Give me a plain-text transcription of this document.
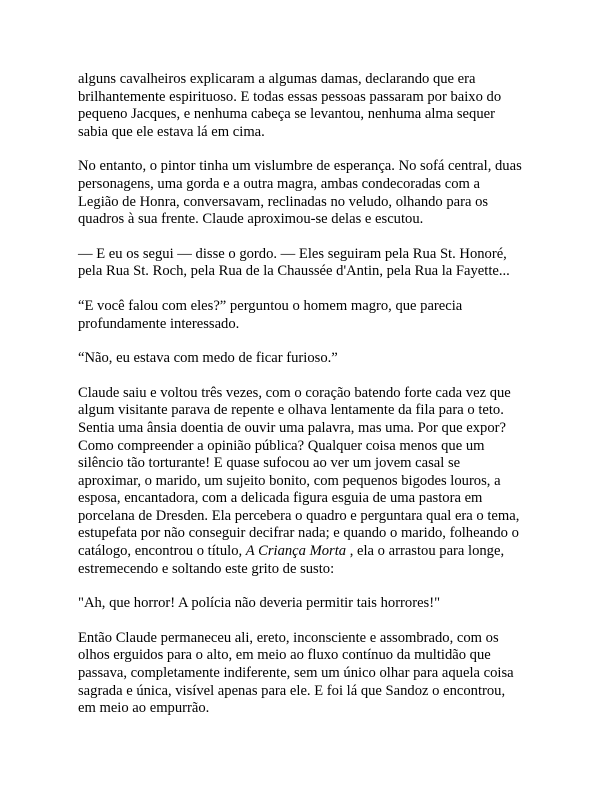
alguns cavalheiros explicaram a algumas damas, declarando que era
brilhantemente espirituoso. E todas essas pessoas passaram por baixo do
pequeno Jacques, e nenhuma cabeça se levantou, nenhuma alma sequer
sabia que ele estava lá em cima.

No entanto, o pintor tinha um vislumbre de esperança. No sofá central, duas
personagens, uma gorda e a outra magra, ambas condecoradas com a
Legião de Honra, conversavam, reclinadas no veludo, olhando para os
quadros à sua frente. Claude aproximou-se delas e escutou.

— E eu os segui — disse o gordo. — Eles seguiram pela Rua St. Honoré,
pela Rua St. Roch, pela Rua de la Chaussée d'Antin, pela Rua la Fayette...

“E você falou com eles?” perguntou o homem magro, que parecia
profundamente interessado.

“Não, eu estava com medo de ficar furioso.”

Claude saiu e voltou três vezes, com o coração batendo forte cada vez que
algum visitante parava de repente e olhava lentamente da fila para o teto.
Sentia uma ânsia doentia de ouvir uma palavra, mas uma. Por que expor?
Como compreender a opinião pública? Qualquer coisa menos que um
silêncio tão torturante! E quase sufocou ao ver um jovem casal se
aproximar, o marido, um sujeito bonito, com pequenos bigodes louros, a
esposa, encantadora, com a delicada figura esguia de uma pastora em
porcelana de Dresden. Ela percebera o quadro e perguntara qual era o tema,
estupefata por não conseguir decifrar nada; e quando o marido, folheando o
catálogo, encontrou o título, A Criança Morta , ela o arrastou para longe,
estremecendo e soltando este grito de susto:

"Ah, que horror! A polícia não deveria permitir tais horrores!"

Então Claude permaneceu ali, ereto, inconsciente e assombrado, com os
olhos erguidos para o alto, em meio ao fluxo contínuo da multidão que
passava, completamente indiferente, sem um único olhar para aquela coisa
sagrada e única, visível apenas para ele. E foi lá que Sandoz o encontrou,
em meio ao empurrão.
